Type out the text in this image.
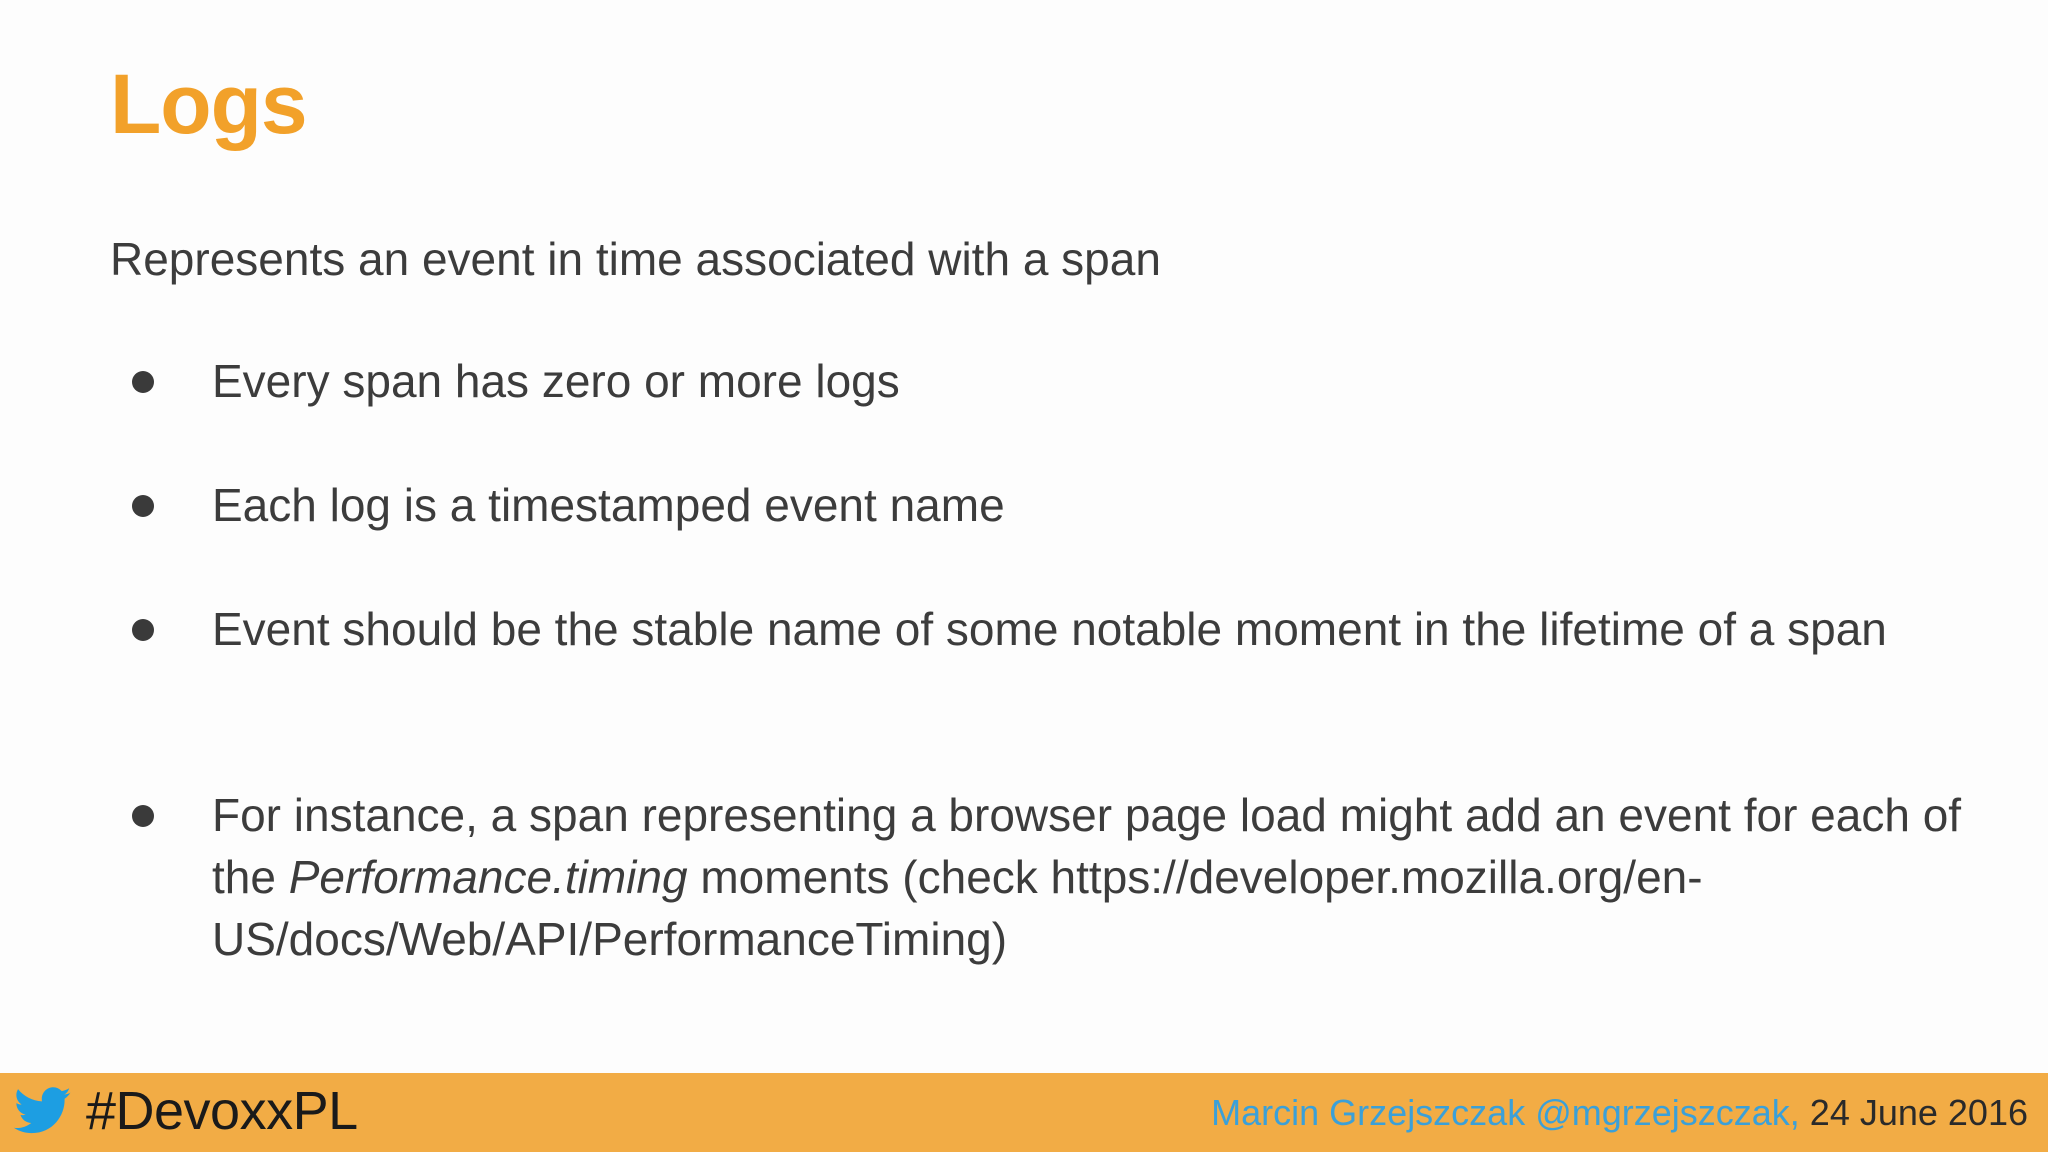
Logs
Represents an event in time associated with a span
Every span has zero or more logs
Each log is a timestamped event name
Event should be the stable name of some notable moment in the lifetime of a span
For instance, a span representing a browser page load might add an event for each of the Performance.timing moments (check https://developer.mozilla.org/en-US/docs/Web/API/PerformanceTiming)
#DevoxxPL	Marcin Grzejszczak @mgrzejszczak, 24 June 2016
